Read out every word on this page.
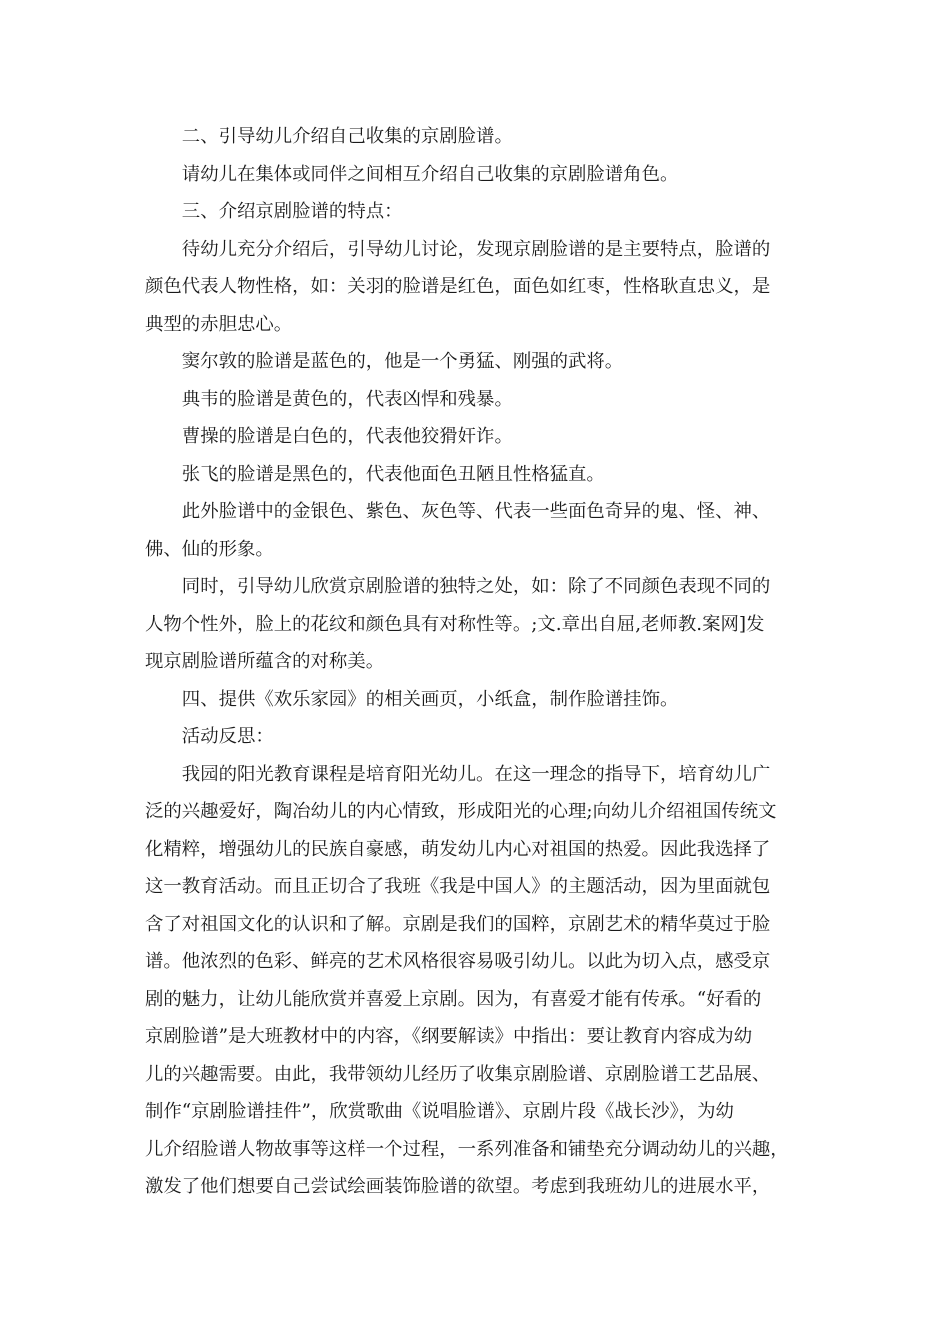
二、引导幼儿介绍自己收集的京剧脸谱。

请幼儿在集体或同伴之间相互介绍自己收集的京剧脸谱角色。

三、介绍京剧脸谱的特点：

待幼儿充分介绍后，引导幼儿讨论，发现京剧脸谱的是主要特点，脸谱的
颜色代表人物性格，如：关羽的脸谱是红色，面色如红枣，性格耿直忠义，是
典型的赤胆忠心。

窦尔敦的脸谱是蓝色的，他是一个勇猛、刚强的武将。

典韦的脸谱是黄色的，代表凶悍和残暴。

曹操的脸谱是白色的，代表他狡猾奸诈。

张飞的脸谱是黑色的，代表他面色丑陋且性格猛直。

此外脸谱中的金银色、紫色、灰色等、代表一些面色奇异的鬼、怪、神、
佛、仙的形象。

同时，引导幼儿欣赏京剧脸谱的独特之处，如：除了不同颜色表现不同的
人物个性外，脸上的花纹和颜色具有对称性等。;文.章出自屈,老师教.案网]发
现京剧脸谱所蕴含的对称美。

四、提供《欢乐家园》的相关画页，小纸盒，制作脸谱挂饰。

活动反思：

我园的阳光教育课程是培育阳光幼儿。在这一理念的指导下，培育幼儿广
泛的兴趣爱好，陶冶幼儿的内心情致，形成阳光的心理;向幼儿介绍祖国传统文
化精粹，增强幼儿的民族自豪感，萌发幼儿内心对祖国的热爱。因此我选择了
这一教育活动。而且正切合了我班《我是中国人》的主题活动，因为里面就包
含了对祖国文化的认识和了解。京剧是我们的国粹，京剧艺术的精华莫过于脸
谱。他浓烈的色彩、鲜亮的艺术风格很容易吸引幼儿。以此为切入点，感受京
剧的魅力，让幼儿能欣赏并喜爱上京剧。因为，有喜爱才能有传承。“好看的
京剧脸谱”是大班教材中的内容，《纲要解读》中指出：要让教育内容成为幼
儿的兴趣需要。由此，我带领幼儿经历了收集京剧脸谱、京剧脸谱工艺品展、
制作“京剧脸谱挂件”，欣赏歌曲《说唱脸谱》、京剧片段《战长沙》，为幼
儿介绍脸谱人物故事等这样一个过程，一系列准备和铺垫充分调动幼儿的兴趣，
激发了他们想要自己尝试绘画装饰脸谱的欲望。考虑到我班幼儿的进展水平，
